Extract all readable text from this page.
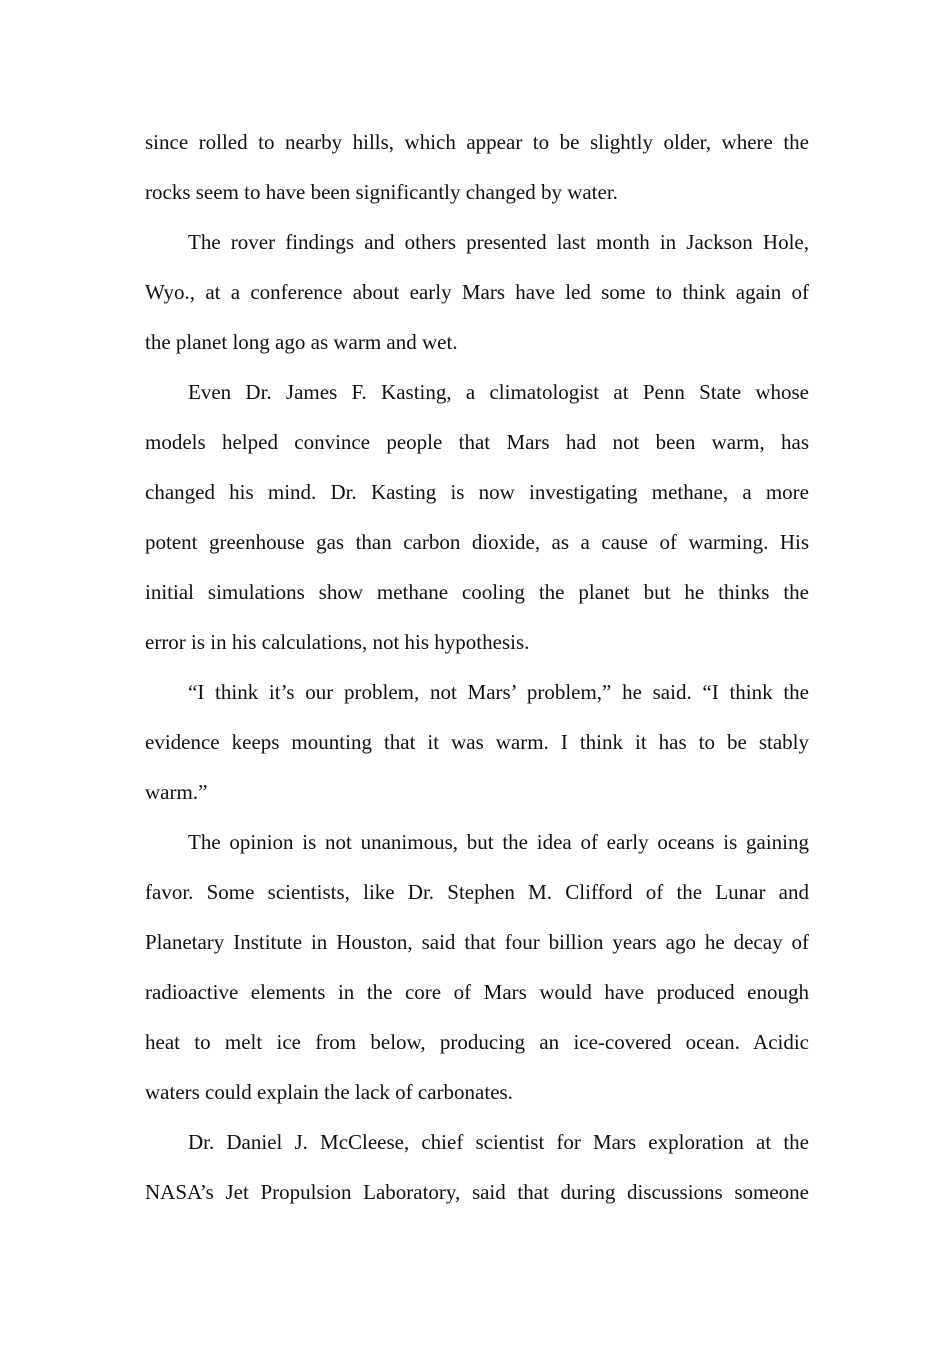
since rolled to nearby hills, which appear to be slightly older, where the
rocks seem to have been significantly changed by water.
The rover findings and others presented last month in Jackson Hole,
Wyo., at a conference about early Mars have led some to think again of
the planet long ago as warm and wet.
Even Dr. James F. Kasting, a climatologist at Penn State whose
models helped convince people that Mars had not been warm, has
changed his mind. Dr. Kasting is now investigating methane, a more
potent greenhouse gas than carbon dioxide, as a cause of warming. His
initial simulations show methane cooling the planet but he thinks the
error is in his calculations, not his hypothesis.
“I think it’s our problem, not Mars’ problem,” he said. “I think the
evidence keeps mounting that it was warm. I think it has to be stably
warm.”
The opinion is not unanimous, but the idea of early oceans is gaining
favor. Some scientists, like Dr. Stephen M. Clifford of the Lunar and
Planetary Institute in Houston, said that four billion years ago he decay of
radioactive elements in the core of Mars would have produced enough
heat to melt ice from below, producing an ice-covered ocean. Acidic
waters could explain the lack of carbonates.
Dr. Daniel J. McCleese, chief scientist for Mars exploration at the
NASA’s Jet Propulsion Laboratory, said that during discussions someone
